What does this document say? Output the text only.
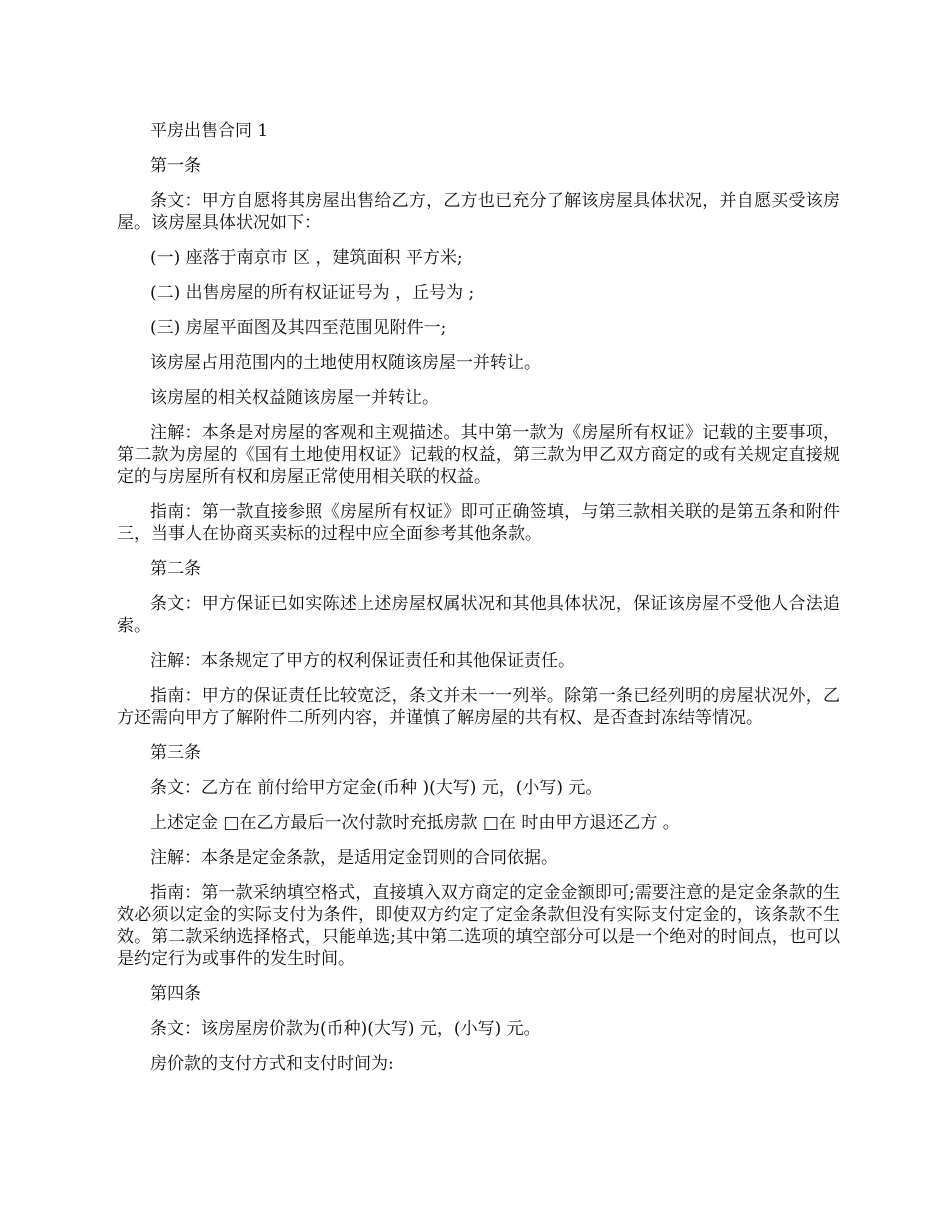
平房出售合同 1

第一条

条文：甲方自愿将其房屋出售给乙方，乙方也已充分了解该房屋具体状况，并自愿买受该房屋。该房屋具体状况如下：

(一) 座落于南京市 区 ，建筑面积 平方米;

(二) 出售房屋的所有权证证号为 ，丘号为 ;

(三) 房屋平面图及其四至范围见附件一;

该房屋占用范围内的土地使用权随该房屋一并转让。

该房屋的相关权益随该房屋一并转让。

注解：本条是对房屋的客观和主观描述。其中第一款为《房屋所有权证》记载的主要事项，第二款为房屋的《国有土地使用权证》记载的权益，第三款为甲乙双方商定的或有关规定直接规定的与房屋所有权和房屋正常使用相关联的权益。

指南：第一款直接参照《房屋所有权证》即可正确签填，与第三款相关联的是第五条和附件三，当事人在协商买卖标的过程中应全面参考其他条款。

第二条

条文：甲方保证已如实陈述上述房屋权属状况和其他具体状况，保证该房屋不受他人合法追索。

注解：本条规定了甲方的权利保证责任和其他保证责任。

指南：甲方的保证责任比较宽泛，条文并未一一列举。除第一条已经列明的房屋状况外，乙方还需向甲方了解附件二所列内容，并谨慎了解房屋的共有权、是否查封冻结等情况。

第三条

条文：乙方在 前付给甲方定金(币种 )(大写) 元，(小写) 元。

上述定金 □在乙方最后一次付款时充抵房款 □在 时由甲方退还乙方 。

注解：本条是定金条款，是适用定金罚则的合同依据。

指南：第一款采纳填空格式，直接填入双方商定的定金金额即可;需要注意的是定金条款的生效必须以定金的实际支付为条件，即使双方约定了定金条款但没有实际支付定金的，该条款不生效。第二款采纳选择格式，只能单选;其中第二选项的填空部分可以是一个绝对的时间点，也可以是约定行为或事件的发生时间。

第四条

条文：该房屋房价款为(币种)(大写) 元，(小写) 元。

房价款的支付方式和支付时间为:
